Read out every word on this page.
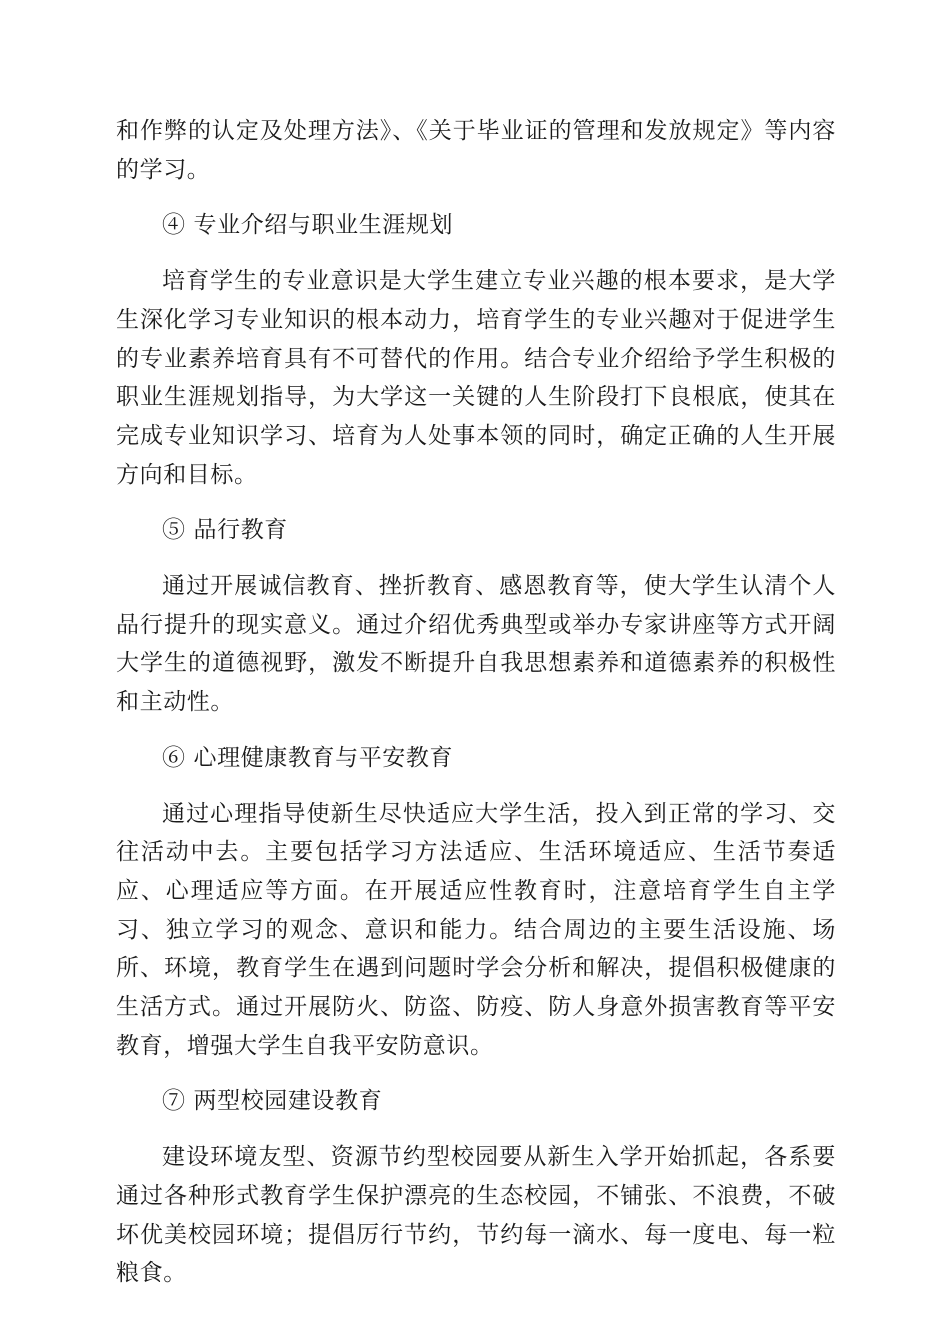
和作弊的认定及处理方法》、《关于毕业证的管理和发放规定》等内容的学习。

④ 专业介绍与职业生涯规划

培育学生的专业意识是大学生建立专业兴趣的根本要求，是大学生深化学习专业知识的根本动力，培育学生的专业兴趣对于促进学生的专业素养培育具有不可替代的作用。结合专业介绍给予学生积极的职业生涯规划指导，为大学这一关键的人生阶段打下良根底，使其在完成专业知识学习、培育为人处事本领的同时，确定正确的人生开展方向和目标。

⑤ 品行教育

通过开展诚信教育、挫折教育、感恩教育等，使大学生认清个人品行提升的现实意义。通过介绍优秀典型或举办专家讲座等方式开阔大学生的道德视野，激发不断提升自我思想素养和道德素养的积极性和主动性。

⑥ 心理健康教育与平安教育

通过心理指导使新生尽快适应大学生活，投入到正常的学习、交往活动中去。主要包括学习方法适应、生活环境适应、生活节奏适应、心理适应等方面。在开展适应性教育时，注意培育学生自主学习、独立学习的观念、意识和能力。结合周边的主要生活设施、场所、环境，教育学生在遇到问题时学会分析和解决，提倡积极健康的生活方式。通过开展防火、防盗、防疫、防人身意外损害教育等平安教育，增强大学生自我平安防意识。

⑦ 两型校园建设教育

建设环境友型、资源节约型校园要从新生入学开始抓起，各系要通过各种形式教育学生保护漂亮的生态校园，不铺张、不浪费，不破坏优美校园环境；提倡厉行节约，节约每一滴水、每一度电、每一粒粮食。
